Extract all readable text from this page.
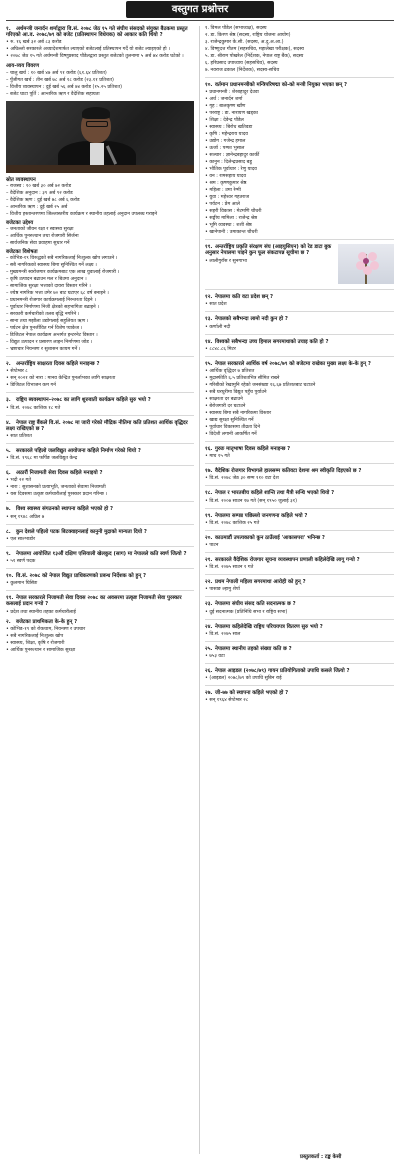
वस्तुगत प्रश्नोत्तर
१. अर्थमन्त्री जनार्दन शर्माद्वारा वि.सं. २०७८ जेठ १५ गते संघीय संसदको संयुक्त बैठकमा प्रस्तुत गरिएको आ.व. २०७८/७९ को बजेट (प्रतिस्थापन विधेयक) को आकार कति थियो ?
• रु. १६ खर्ब ३२ अर्ब ८३ करोड
• अघिल्लो सरकारले अध्यादेशमार्फत ल्याएको बजेटलाई प्रतिस्थापन गर्दै यो बजेट ल्याइएको हो ।
• २०७८ जेठ १५ गते अर्थमन्त्री विष्णुप्रसाद पौडेलद्वारा प्रस्तुत बजेटको तुलनामा ५ अर्ब ७४ करोड घटेको ।
आय-व्यय विवरण
– चालु खर्च : १० खर्ब ४७ अर्ब ९१ करोड (६१.६४ प्रतिशत)
– पुँजीगत खर्च : तीन खर्ब ७८ अर्ब १८ करोड (२३.११ प्रतिशत)
– वित्तीय व्यवस्थापन : दुई खर्ब ५६ अर्ब ७४ करोड (१५.२५ प्रतिशत)
– बजेट घाटा पूर्ति : आन्तरिक ऋण र वैदेशिक सहायता
स्रोत व्यवस्थापन
– राजस्व : १० खर्ब ३० अर्ब ७२ करोड
– वैदेशिक अनुदान : ३९ अर्ब ९२ करोड
– वैदेशिक ऋण : दुई खर्ब ७८ अर्ब ६ करोड
– आन्तरिक ऋण : दुई खर्ब २५ अर्ब
– वित्तीय हस्तान्तरणमा जिल्लास्तरीय कार्यक्रम र स्थानीय तहलाई अनुदान उपलब्ध गराइने
बजेटका उद्देश्य
– जनताको जीवन रक्षा र स्वास्थ्य सुरक्षा
– आर्थिक पुनरुत्थान तथा रोजगारी सिर्जना
– सार्वजनिक सेवा प्रवाहमा सुधार गर्ने
बजेटका विशेषता
– कोभिड-१९ विरुद्धको सबै नागरिकलाई निःशुल्क खोप लगाउने ।
– सबै नागरिकको स्वास्थ्य बिमा सुनिश्चित गर्ने लक्ष्य ।
– मुख्यमन्त्री स्वरोजगार कार्यक्रमबाट एक लाख युवालाई रोजगारी ।
– कृषि उत्पादन बढाउन मल र बिउमा अनुदान ।
– सामाजिक सुरक्षा भत्ताको दायरा विस्तार गरिने ।
– ज्येष्ठ नागरिक भत्ता उमेर ७० बाट घटाएर ६८ वर्ष बनाइने ।
– प्रधानमन्त्री रोजगार कार्यक्रमलाई निरन्तरता दिइने ।
– पूर्वाधार निर्माणमा निजी क्षेत्रको सहभागिता बढाइने ।
– सरकारी कर्मचारीको तलब बृद्धि नगरिने ।
– साना तथा मझौला उद्योगलाई सहुलियत ऋण ।
– पर्यटन क्षेत्र पुनर्जीवित गर्न विशेष प्याकेज ।
– डिजिटल नेपाल कार्यक्रम अन्तर्गत इन्टरनेट विस्तार ।
– विद्युत उत्पादन र प्रसारण लाइन निर्माणमा जोड ।
– भ्रष्टाचार नियन्त्रण र सुशासन कायम गर्ने ।
२. अन्तर्राष्ट्रिय साक्षरता दिवस कहिले मनाइन्छ ?
• सेप्टेम्बर ८
• सन् २०२१ को नारा : मानव केन्द्रित पुनर्लाभका लागि साक्षरता
• डिजिटल विभाजन कम गर्न
३. राष्ट्रिय ब्यवस्थापन–२०७८ का लागि शुरुवाती कार्यक्रम कहिले सुरु भयो ?
• वि.सं. २०७८ कात्तिक १८ गते
४. नेपाल राष्ट्र बैंकले वि.सं. २०७८ मा जारी गरेको मौद्रिक नीतिमा कति प्रतिशत आर्थिक वृद्धिदर लक्ष्य राखिएको छ ?
• सात प्रतिशत
५. सरकारले पहिलो जलविद्युत आयोजना कहिले निर्माण गरेको थियो ?
• वि.सं. १९६८ मा फर्पिङ जलविद्युत केन्द्र
६. अठारौं निजामती सेवा दिवस कहिले मनाइयो ?
• भदौ २२ गते
• नारा : सुशासनको प्रत्याभूति, जनताको सेवामा निजामती
• यस दिवसमा उत्कृष्ट कर्मचारीलाई पुरस्कार प्रदान गरिन्छ ।
७. विश्व स्वास्थ्य संगठनको स्थापना कहिले भएको हो ?
• सन् १९४८ अप्रिल ७
८. कुन देशले पहिलो पटक बिटक्वाइनलाई कानुनी मुद्राको मान्यता दियो ?
• एल साल्भाडोर
९. नेपालमा आयोजित १३औं दक्षिण एसियाली खेलकुद (साग) मा नेपालले कति स्वर्ण जित्यो ?
• ५१ स्वर्ण पदक
१०. वि.सं. २०७८ को नेपाल विद्युत प्राधिकरणको प्रबन्ध निर्देशक को हुन् ?
• कुलमान घिसिङ
११. नेपाल सरकारले निजामती सेवा दिवस २०७८ का अवसरमा उत्कृष्ट निजामती सेवा पुरस्कार कसलाई प्रदान गर्‍यो ?
• प्रदेश तथा स्थानीय तहका कर्मचारीलाई
२. बजेटका प्राथमिकता के-के हुन् ?
• कोभिड-१९ को रोकथाम, नियन्त्रण र उपचार
• सबै नागरिकलाई निःशुल्क खोप
• स्वास्थ्य, शिक्षा, कृषि र रोजगारी
• आर्थिक पुनरुत्थान र सामाजिक सुरक्षा
१. विमल पौडेल (सभाध्यक्ष), सदस्य
२. डा. किरण श्रेष्ठ (सदस्य, राष्ट्रिय योजना आयोग)
३. राजेन्द्रकुमार के.सी. (सदस्य, अ.दु.अ.आ.)
४. विष्णुदत्त गौतम (सहसचिव, महालेखा परीक्षक), सदस्य
५. डा. श्रीराम पोखरेल (निर्देशक, नेपाल राष्ट्र बैंक), सदस्य
६. हरिप्रसाद उपाध्याय (सहसचिव), सदस्य
७. नवराज ढकाल (निर्देशक), सदस्य-सचिव
१०. वर्तमान प्रधानमन्त्रीको मन्त्रिपरिषद्मा को-को मन्त्री नियुक्त भएका छन् ?
• प्रधानमन्त्री : शेरबहादुर देउवा
• अर्थ : जनार्दन शर्मा
• गृह : बालकृष्ण खाँण
• परराष्ट्र : डा. नारायण खड्का
• शिक्षा : देवेन्द्र पौडेल
• स्वास्थ्य : बिरोध खतिवडा
• कृषि : महेन्द्रराय यादव
• उद्योग : गजेन्द्र हमाल
• ऊर्जा : पम्फा भुसाल
• सञ्चार : ज्ञानेन्द्रबहादुर कार्की
• कानुन : दिलेन्द्रप्रसाद बडू
• भौतिक पूर्वाधार : रेणु यादव
• वन : रामसहाय यादव
• श्रम : कृष्णकुमार श्रेष्ठ
• महिला : उमा रेग्मी
• युवा : महेश्वर गहतराज
• पर्यटन : प्रेम आले
• सहरी विकास : मेटमणि चौधरी
• सङ्घीय मामिला : राजेन्द्र श्रेष्ठ
• भूमि व्यवस्था : शशी श्रेष्ठ
• खानेपानी : उमाकान्त चौधरी
११. अन्तर्राष्ट्रिय प्रकृति संरक्षण संघ (आइयुसिएन) को रेड डाटा बुक अनुसार नेपालमा पाइने कुन फूल संकटापन्न सूचीमा छ ?
• लालीगुराँस र सुनगाभा
१२. नेपालमा कति वटा प्रदेश छन् ?
• सात प्रदेश
१३. नेपालको सबैभन्दा लामो नदी कुन हो ?
• कर्णाली नदी
१४. विश्वको सबैभन्दा उच्च हिमाल सगरमाथाको उचाइ कति हो ?
• ८८४८.८६ मिटर
१५. नेपाल सरकारले आर्थिक वर्ष २०७८/७९ को बजेटमा राखेका मुख्य लक्ष्य के-के हुन् ?
• आर्थिक वृद्धिदर ७ प्रतिशत
• मुद्रास्फीति ६.५ प्रतिशतभित्र सीमित राख्ने
• गरिबीको रेखामुनि रहेको जनसंख्या १६.६७ प्रतिशतबाट घटाउने
• सबै घरधुरीमा विद्युत पहुँच पुर्याउने
• साक्षरता दर बढाउने
• बेरोजगारी दर घटाउने
• स्वास्थ्य बिमा सबै नागरिकमा विस्तार
• खाद्य सुरक्षा सुनिश्चित गर्ने
• पूर्वाधार विकासमा तीव्रता दिने
• विदेशी लगानी आकर्षित गर्ने
१६. गुरुङ मातृभाषा दिवस कहिले मनाइन्छ ?
• माघ १५ गते
१७. वैदेशिक रोजगार विभागले हालसम्म कतिवटा देशमा श्रम स्वीकृति दिइएको छ ?
• वि.सं. २०७८ जेठ ३० सम्म ११० वटा देश
१८. नेपाल र भारतबीच कहिले शान्ति तथा मैत्री सन्धि भएको थियो ?
• वि.सं. २००७ साउन १७ गते (सन् १९५० जुलाई ३१)
१९. नेपालमा सम्पन्न पछिल्लो जनगणना कहिले भयो ?
• वि.सं. २०७८ कात्तिक २५ गते
२०. काठमाडौं उपत्यकाको कुन ठाउँलाई 'आकासपरा' भनिन्छ ?
• पाटन
२१. सरकारले वैदेशिक रोजगार सूचना व्यवस्थापन प्रणाली कहिलेदेखि लागू गर्‍यो ?
• वि.सं. २०७५ साउन १ गते
२२. प्रथम नेपाली महिला सगरमाथा आरोही को हुन् ?
• पासाङ ल्हामु शेर्पा
२३. नेपालमा संघीय संसद कति सदनात्मक छ ?
• दुई सदनात्मक (प्रतिनिधि सभा र राष्ट्रिय सभा)
२४. नेपालमा कहिलेदेखि राष्ट्रिय परिचयपत्र वितरण सुरु भयो ?
• वि.सं. २०७५ साल
२५. नेपालमा स्थानीय तहको संख्या कति छ ?
• ७५३ वटा
२६. नेपाल आइडल (२०७८/७९) गायन प्रतियोगिताको उपाधि कसले जित्यो ?
• (आइडल) २०७८/७९ को उपाधि सुबिन राई
२७. जी-७७ को स्थापना कहिले भएको हो ?
• सन् १९६४ सेप्टेम्बर २८
प्रस्तुतकर्ता : टङ्क केसी
